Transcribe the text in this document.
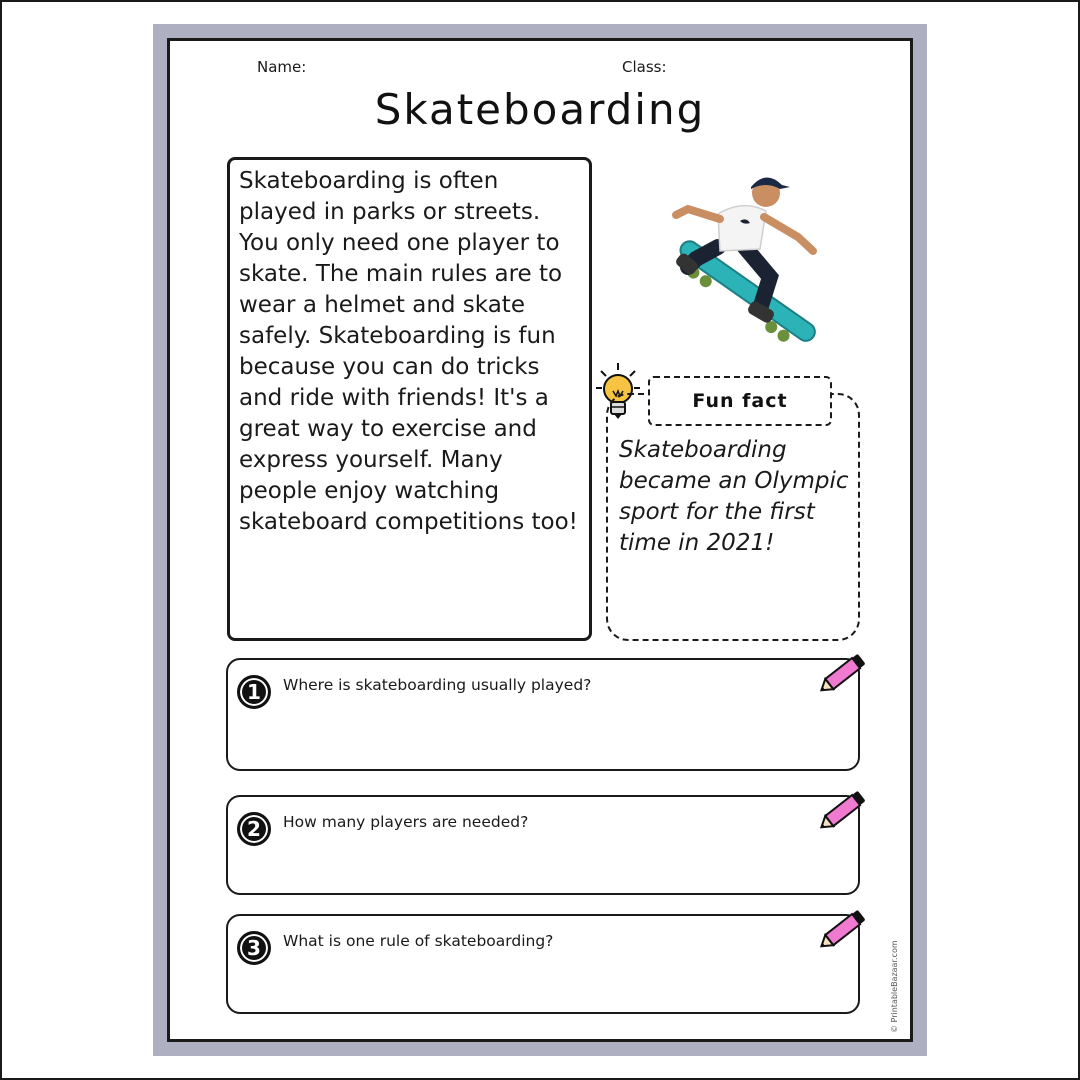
Name:	Class:
Skateboarding

Skateboarding is often played in parks or streets. You only need one player to skate. The main rules are to wear a helmet and skate safely. Skateboarding is fun because you can do tricks and ride with friends! It's a great way to exercise and express yourself. Many people enjoy watching skateboard competitions too!

Fun fact

Skateboarding became an Olympic sport for the first time in 2021!

1	Where is skateboarding usually played?
2	How many players are needed?
3	What is one rule of skateboarding?	© PrintableBazaar.com
